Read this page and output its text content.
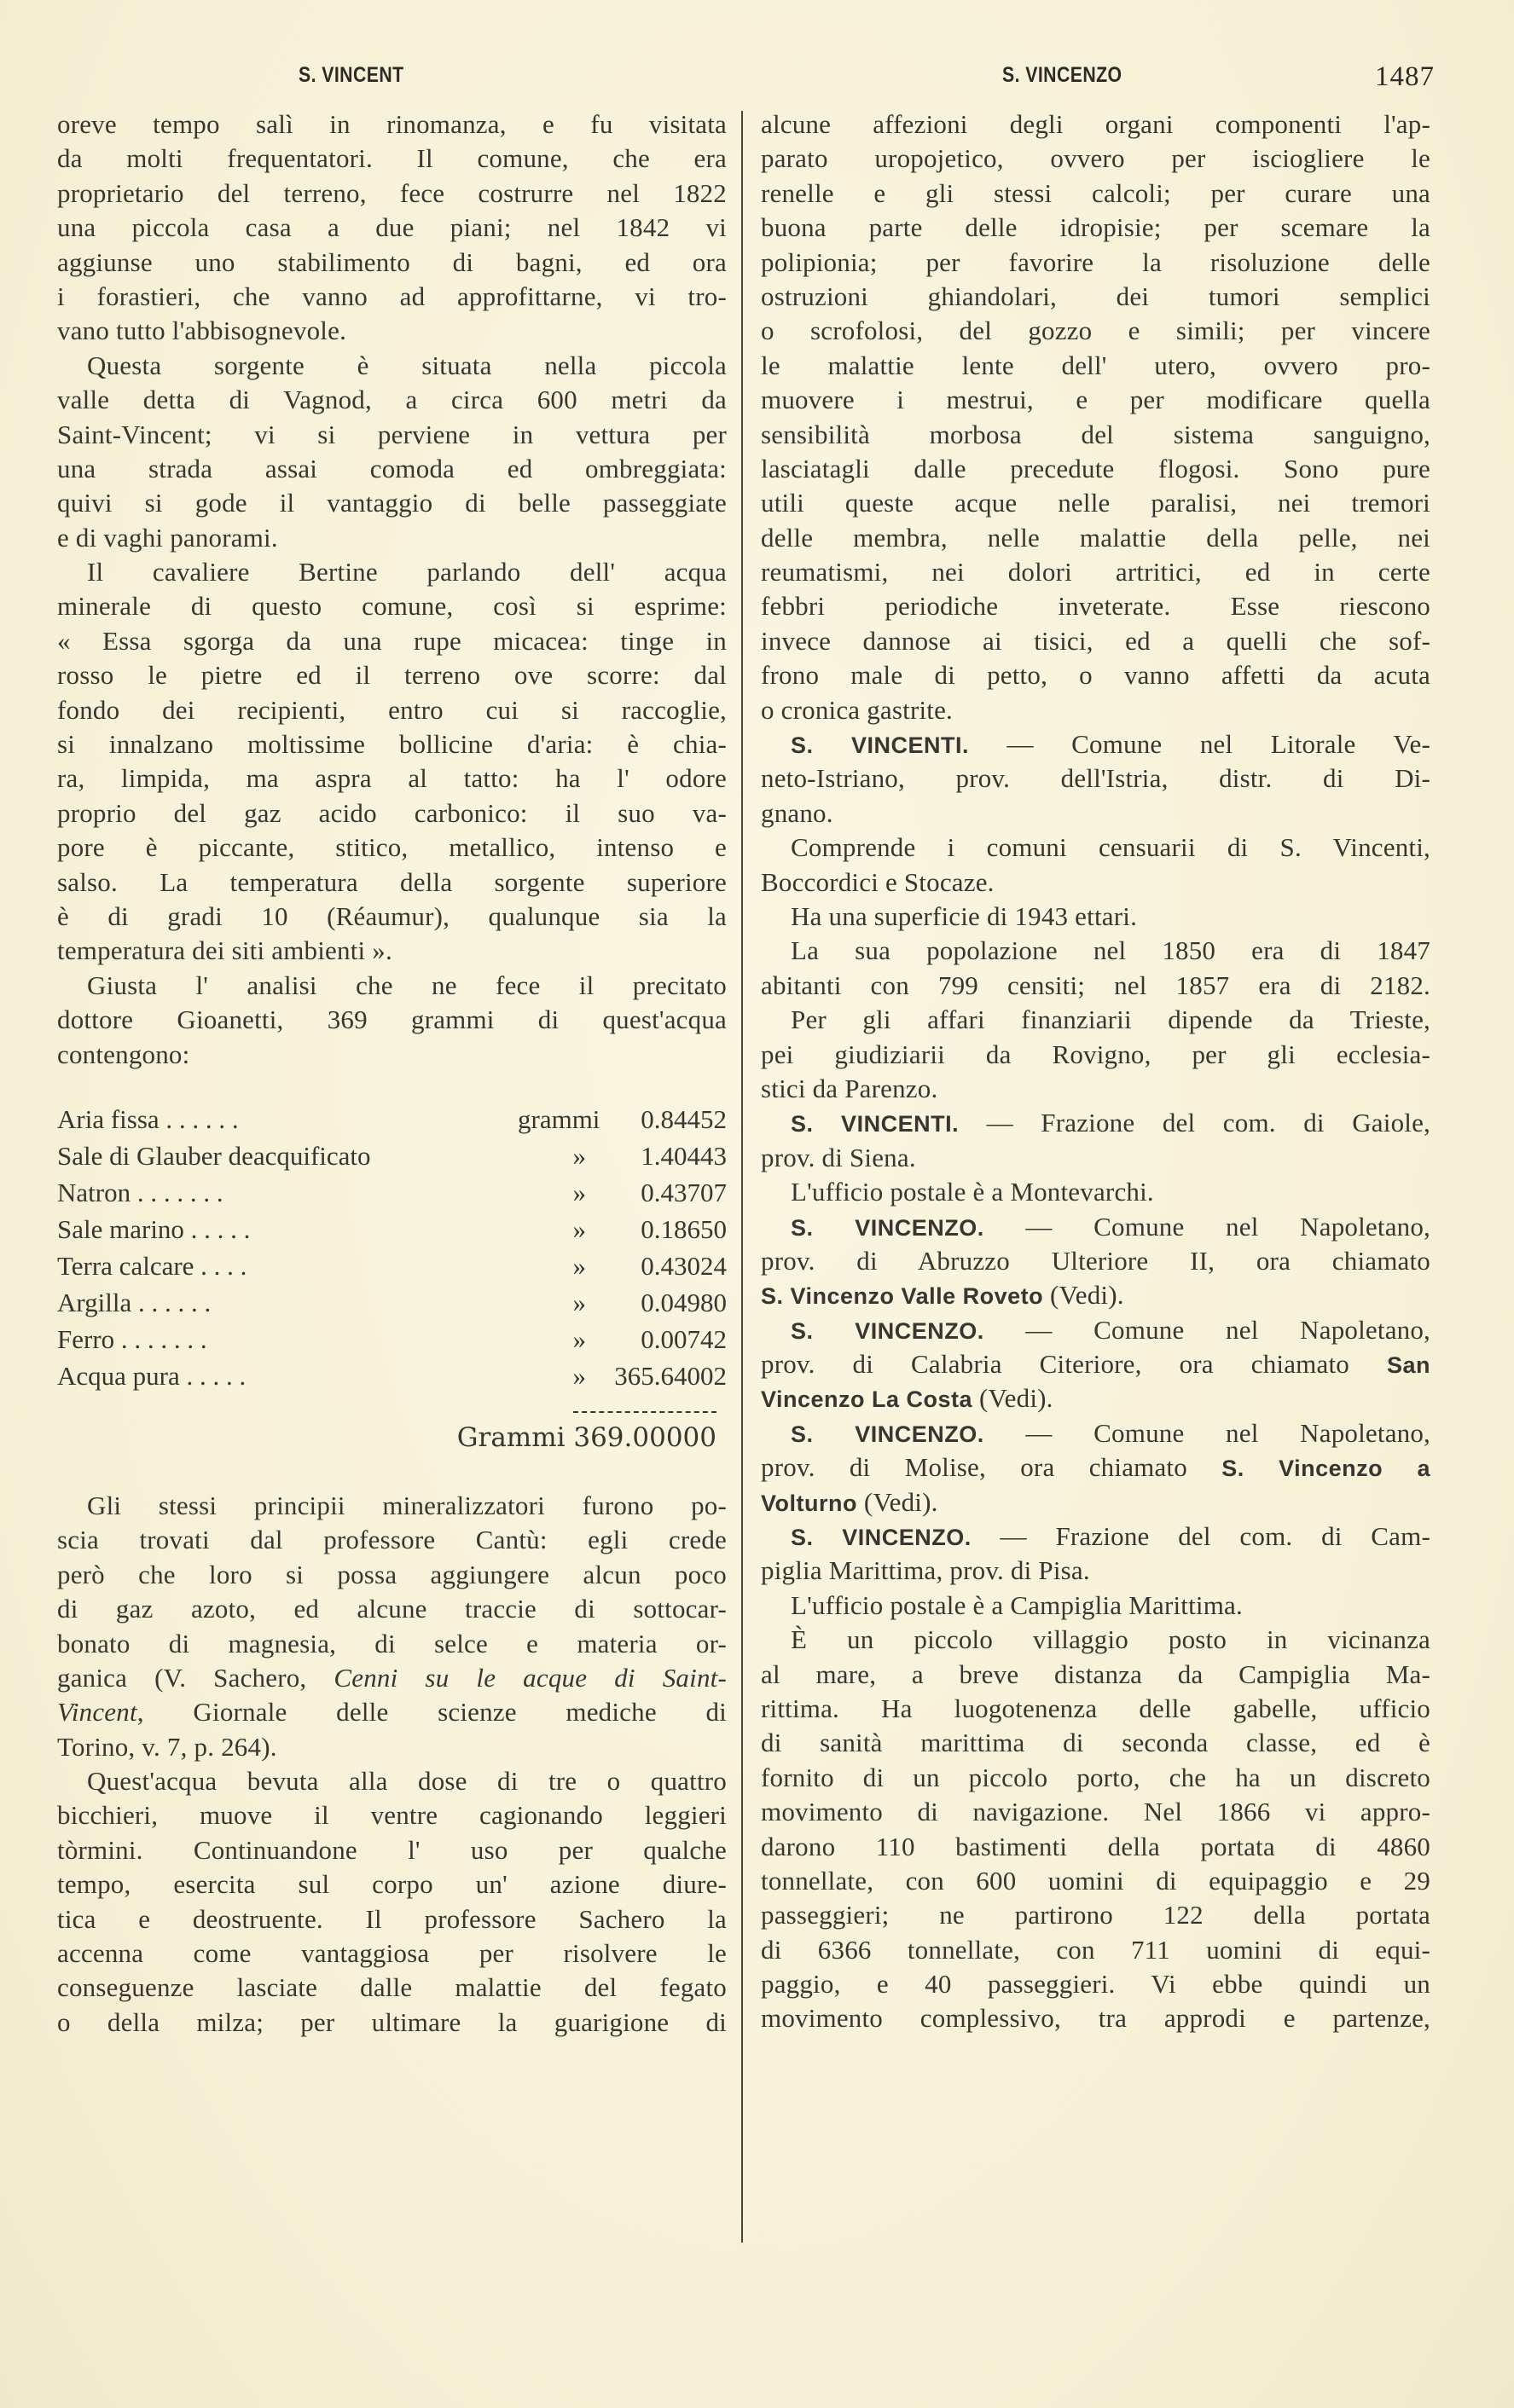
S. VINCENT	S. VINCENZO	1487
oreve tempo salì in rinomanza, e fu visitata
da molti frequentatori. Il comune, che era
proprietario del terreno, fece costrurre nel 1822
una piccola casa a due piani; nel 1842 vi
aggiunse uno stabilimento di bagni, ed ora
i forastieri, che vanno ad approfittarne, vi tro-
vano tutto l'abbisognevole.
Questa sorgente è situata nella piccola
valle detta di Vagnod, a circa 600 metri da
Saint-Vincent; vi si perviene in vettura per
una strada assai comoda ed ombreggiata:
quivi si gode il vantaggio di belle passeggiate
e di vaghi panorami.
Il cavaliere Bertine parlando dell' acqua
minerale di questo comune, così si esprime:
« Essa sgorga da una rupe micacea: tinge in
rosso le pietre ed il terreno ove scorre: dal
fondo dei recipienti, entro cui si raccoglie,
si innalzano moltissime bollicine d'aria: è chia-
ra, limpida, ma aspra al tatto: ha l' odore
proprio del gaz acido carbonico: il suo va-
pore è piccante, stitico, metallico, intenso e
salso. La temperatura della sorgente superiore
è di gradi 10 (Réaumur), qualunque sia la
temperatura dei siti ambienti ».
Giusta l' analisi che ne fece il precitato
dottore Gioanetti, 369 grammi di quest'acqua
contengono:
Aria fissa . . . . . .	grammi	0.84452
Sale di Glauber deacquificato	»	1.40443
Natron . . . . . . .	»	0.43707
Sale marino . . . . .	»	0.18650
Terra calcare . . . .	»	0.43024
Argilla . . . . . .	»	0.04980
Ferro . . . . . . .	»	0.00742
Acqua pura . . . . .	»	365.64002
Grammi 369.00000
Gli stessi principii mineralizzatori furono po-
scia trovati dal professore Cantù: egli crede
però che loro si possa aggiungere alcun poco
di gaz azoto, ed alcune traccie di sottocar-
bonato di magnesia, di selce e materia or-
ganica (V. Sachero, Cenni su le acque di Saint-
Vincent, Giornale delle scienze mediche di
Torino, v. 7, p. 264).
Quest'acqua bevuta alla dose di tre o quattro
bicchieri, muove il ventre cagionando leggieri
tòrmini. Continuandone l' uso per qualche
tempo, esercita sul corpo un' azione diure-
tica e deostruente. Il professore Sachero la
accenna come vantaggiosa per risolvere le
conseguenze lasciate dalle malattie del fegato
o della milza; per ultimare la guarigione di
alcune affezioni degli organi componenti l'ap-
parato uropojetico, ovvero per isciogliere le
renelle e gli stessi calcoli; per curare una
buona parte delle idropisie; per scemare la
polipionia; per favorire la risoluzione delle
ostruzioni ghiandolari, dei tumori semplici
o scrofolosi, del gozzo e simili; per vincere
le malattie lente dell' utero, ovvero pro-
muovere i mestrui, e per modificare quella
sensibilità morbosa del sistema sanguigno,
lasciatagli dalle precedute flogosi. Sono pure
utili queste acque nelle paralisi, nei tremori
delle membra, nelle malattie della pelle, nei
reumatismi, nei dolori artritici, ed in certe
febbri periodiche inveterate. Esse riescono
invece dannose ai tisici, ed a quelli che sof-
frono male di petto, o vanno affetti da acuta
o cronica gastrite.
S. VINCENTI. — Comune nel Litorale Ve-
neto-Istriano, prov. dell'Istria, distr. di Di-
gnano.
Comprende i comuni censuarii di S. Vincenti,
Boccordici e Stocaze.
Ha una superficie di 1943 ettari.
La sua popolazione nel 1850 era di 1847
abitanti con 799 censiti; nel 1857 era di 2182.
Per gli affari finanziarii dipende da Trieste,
pei giudiziarii da Rovigno, per gli ecclesia-
stici da Parenzo.
S. VINCENTI. — Frazione del com. di Gaiole,
prov. di Siena.
L'ufficio postale è a Montevarchi.
S. VINCENZO. — Comune nel Napoletano,
prov. di Abruzzo Ulteriore II, ora chiamato
S. Vincenzo Valle Roveto (Vedi).
S. VINCENZO. — Comune nel Napoletano,
prov. di Calabria Citeriore, ora chiamato San
Vincenzo La Costa (Vedi).
S. VINCENZO. — Comune nel Napoletano,
prov. di Molise, ora chiamato S. Vincenzo a
Volturno (Vedi).
S. VINCENZO. — Frazione del com. di Cam-
piglia Marittima, prov. di Pisa.
L'ufficio postale è a Campiglia Marittima.
È un piccolo villaggio posto in vicinanza
al mare, a breve distanza da Campiglia Ma-
rittima. Ha luogotenenza delle gabelle, ufficio
di sanità marittima di seconda classe, ed è
fornito di un piccolo porto, che ha un discreto
movimento di navigazione. Nel 1866 vi appro-
darono 110 bastimenti della portata di 4860
tonnellate, con 600 uomini di equipaggio e 29
passeggieri; ne partirono 122 della portata
di 6366 tonnellate, con 711 uomini di equi-
paggio, e 40 passeggieri. Vi ebbe quindi un
movimento complessivo, tra approdi e partenze,
